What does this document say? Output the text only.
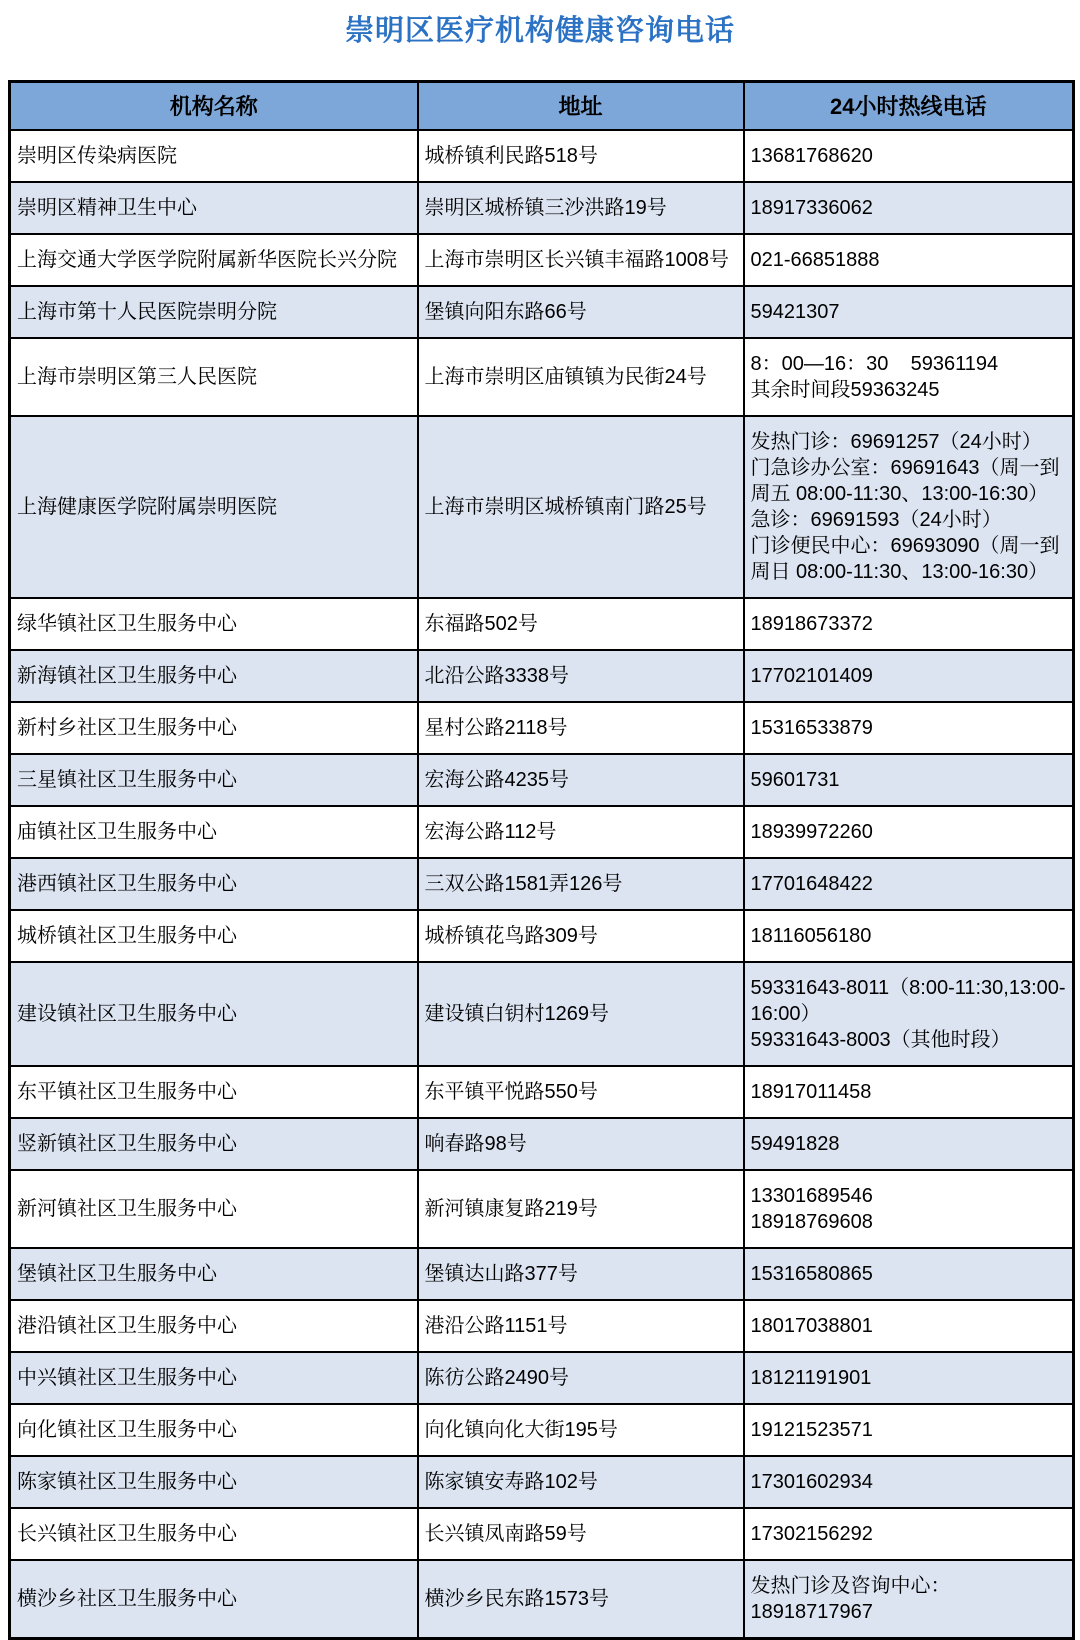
崇明区医疗机构健康咨询电话
机构名称	地址	24小时热线电话
崇明区传染病医院	城桥镇利民路518号	13681768620

崇明区精神卫生中心	崇明区城桥镇三沙洪路19号	18917336062

上海交通大学医学院附属新华医院长兴分院	上海市崇明区长兴镇丰福路1008号	021-66851888

上海市第十人民医院崇明分院	堡镇向阳东路66号	59421307

上海市崇明区第三人民医院	上海市崇明区庙镇镇为民街24号	8：00—16：30    59361194
其余时间段59363245

上海健康医学院附属崇明医院	上海市崇明区城桥镇南门路25号	发热门诊：69691257（24小时）
门急诊办公室：69691643（周一到周五 08:00-11:30、13:00-16:30）
急诊：69691593（24小时）
门诊便民中心：69693090（周一到周日 08:00-11:30、13:00-16:30）

绿华镇社区卫生服务中心	东福路502号	18918673372

新海镇社区卫生服务中心	北沿公路3338号	17702101409

新村乡社区卫生服务中心	星村公路2118号	15316533879

三星镇社区卫生服务中心	宏海公路4235号	59601731

庙镇社区卫生服务中心	宏海公路112号	18939972260

港西镇社区卫生服务中心	三双公路1581弄126号	17701648422

城桥镇社区卫生服务中心	城桥镇花鸟路309号	18116056180

建设镇社区卫生服务中心	建设镇白钥村1269号	59331643-8011（8:00-11:30,13:00-16:00）
59331643-8003（其他时段）

东平镇社区卫生服务中心	东平镇平悦路550号	18917011458

竖新镇社区卫生服务中心	响春路98号	59491828

新河镇社区卫生服务中心	新河镇康复路219号	13301689546
18918769608

堡镇社区卫生服务中心	堡镇达山路377号	15316580865

港沿镇社区卫生服务中心	港沿公路1151号	18017038801

中兴镇社区卫生服务中心	陈彷公路2490号	18121191901

向化镇社区卫生服务中心	向化镇向化大街195号	19121523571

陈家镇社区卫生服务中心	陈家镇安寿路102号	17301602934

长兴镇社区卫生服务中心	长兴镇凤南路59号	17302156292

横沙乡社区卫生服务中心	横沙乡民东路1573号	发热门诊及咨询中心：18918717967
